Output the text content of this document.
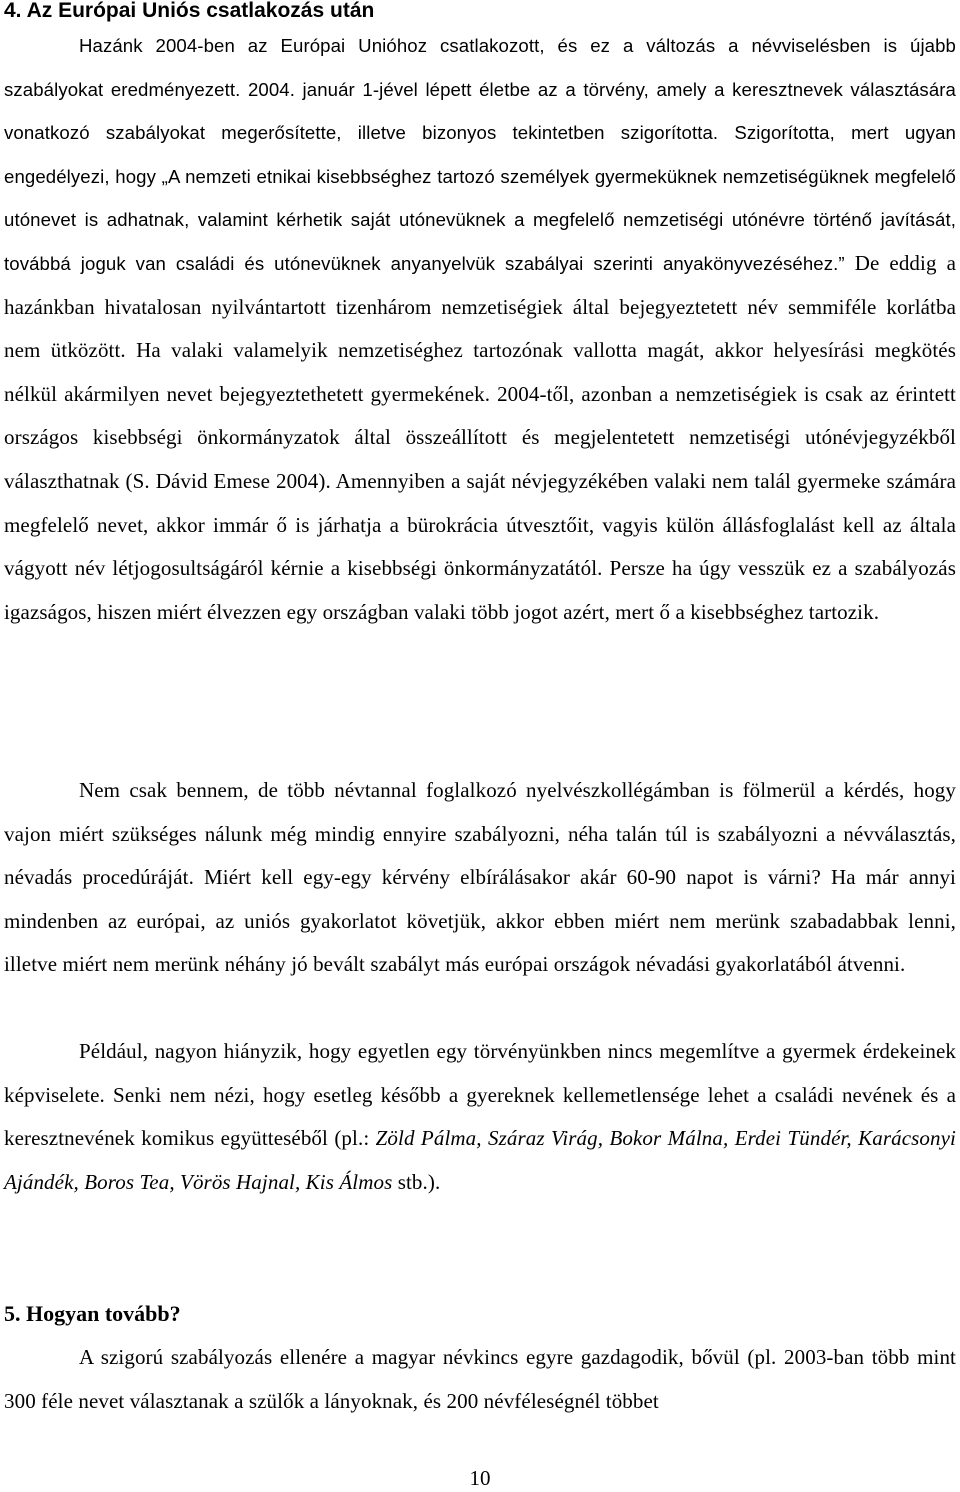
4. Az Európai Uniós csatlakozás után

Hazánk 2004-ben az Európai Unióhoz csatlakozott, és ez a változás a névviselésben is újabb szabályokat eredményezett. 2004. január 1-jével lépett életbe az a törvény, amely a keresztnevek választására vonatkozó szabályokat megerősítette, illetve bizonyos tekintetben szigorította. Szigorította, mert ugyan engedélyezi, hogy „A nemzeti etnikai kisebbséghez tartozó személyek gyermeküknek nemzetiségüknek megfelelő utónevet is adhatnak, valamint kérhetik saját utónevüknek a megfelelő nemzetiségi utónévre történő javítását, továbbá joguk van családi és utónevüknek anyanyelvük szabályai szerinti anyakönyvezéséhez.” De eddig a hazánkban hivatalosan nyilvántartott tizenhárom nemzetiségiek által bejegyeztetett név semmiféle korlátba nem ütközött. Ha valaki valamelyik nemzetiséghez tartozónak vallotta magát, akkor helyesírási megkötés nélkül akármilyen nevet bejegyeztethetett gyermekének. 2004-től, azonban a nemzetiségiek is csak az érintett országos kisebbségi önkormányzatok által összeállított és megjelentetett nemzetiségi utónévjegyzékből választhatnak (S. Dávid Emese 2004). Amennyiben a saját névjegyzékében valaki nem talál gyermeke számára megfelelő nevet, akkor immár ő is járhatja a bürokrácia útvesztőit, vagyis külön állásfoglalást kell az általa vágyott név létjogosultságáról kérnie a kisebbségi önkormányzatától. Persze ha úgy vesszük ez a szabályozás igazságos, hiszen miért élvezzen egy országban valaki több jogot azért, mert ő a kisebbséghez tartozik.

Nem csak bennem, de több névtannal foglalkozó nyelvészkollégámban is fölmerül a kérdés, hogy vajon miért szükséges nálunk még mindig ennyire szabályozni, néha talán túl is szabályozni a névválasztás, névadás procedúráját. Miért kell egy-egy kérvény elbírálásakor akár 60-90 napot is várni? Ha már annyi mindenben az európai, az uniós gyakorlatot követjük, akkor ebben miért nem merünk szabadabbak lenni, illetve miért nem merünk néhány jó bevált szabályt más európai országok névadási gyakorlatából átvenni.

Például, nagyon hiányzik, hogy egyetlen egy törvényünkben nincs megemlítve a gyermek érdekeinek képviselete. Senki nem nézi, hogy esetleg később a gyereknek kellemetlensége lehet a családi nevének és a keresztnevének komikus együtteséből (pl.: Zöld Pálma, Száraz Virág, Bokor Málna, Erdei Tündér, Karácsonyi Ajándék, Boros Tea, Vörös Hajnal, Kis Álmos stb.).

5. Hogyan tovább?

A szigorú szabályozás ellenére a magyar névkincs egyre gazdagodik, bővül (pl. 2003-ban több mint 300 féle nevet választanak a szülők a lányoknak, és 200 névféleségnél többet

10
